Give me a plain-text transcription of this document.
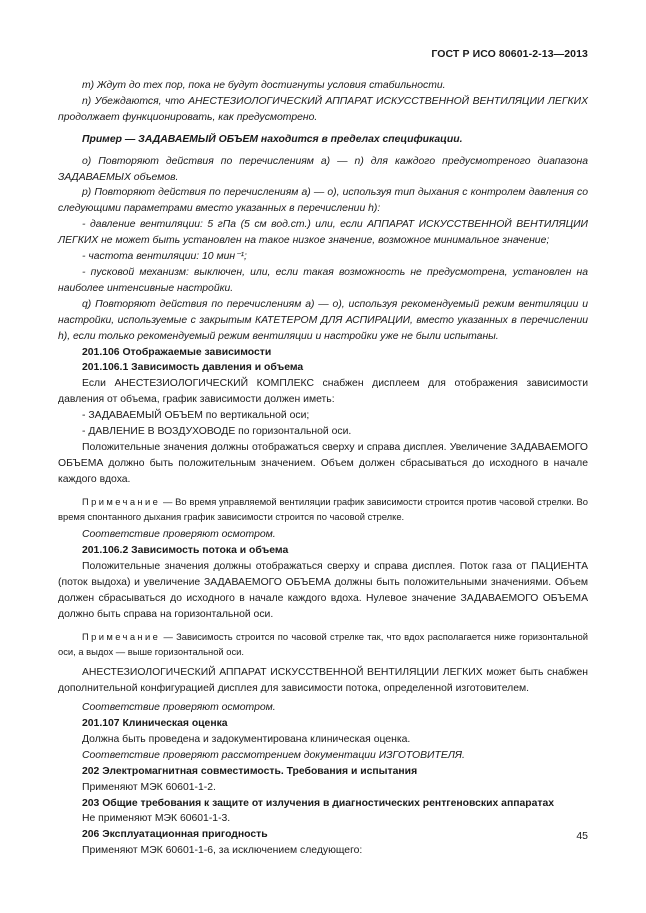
ГОСТ Р ИСО 80601-2-13—2013

m) Ждут до тех пор, пока не будут достигнуты условия стабильности.

n) Убеждаются, что АНЕСТЕЗИОЛОГИЧЕСКИЙ АППАРАТ ИСКУССТВЕННОЙ ВЕНТИЛЯЦИИ ЛЕГКИХ продолжает функционировать, как предусмотрено.

Пример — ЗАДАВАЕМЫЙ ОБЪЕМ находится в пределах спецификации.

о) Повторяют действия по перечислениям а) — n) для каждого предусмотреного диапазона ЗАДАВАЕМЫХ объемов.

р) Повторяют действия по перечислениям а) — о), используя тип дыхания с контролем давления со следующими параметрами вместо указанных в перечислении h):

- давление вентиляции: 5 гПа (5 см вод.ст.) или, если АППАРАТ ИСКУССТВЕННОЙ ВЕНТИЛЯЦИИ ЛЕГКИХ не может быть установлен на такое низкое значение, возможное минимальное значение;

- частота вентиляции: 10 мин⁻¹;

- пусковой механизм: выключен, или, если такая возможность не предусмотрена, установлен на наиболее интенсивные настройки.

q) Повторяют действия по перечислениям а) — о), используя рекомендуемый режим вентиляции и настройки, используемые с закрытым КАТЕТЕРОМ ДЛЯ АСПИРАЦИИ, вместо указанных в перечислении h), если только рекомендуемый режим вентиляции и настройки уже не были испытаны.

201.106 Отображаемые зависимости

201.106.1 Зависимость давления и объема

Если АНЕСТЕЗИОЛОГИЧЕСКИЙ КОМПЛЕКС снабжен дисплеем для отображения зависимости давления от объема, график зависимости должен иметь:

- ЗАДАВАЕМЫЙ ОБЪЕМ по вертикальной оси;

- ДАВЛЕНИЕ В ВОЗДУХОВОДЕ по горизонтальной оси.

Положительные значения должны отображаться сверху и справа дисплея. Увеличение ЗАДАВАЕМОГО ОБЪЕМА должно быть положительным значением. Объем должен сбрасываться до исходного в начале каждого вдоха.

Примечание — Во время управляемой вентиляции график зависимости строится против часовой стрелки. Во время спонтанного дыхания график зависимости строится по часовой стрелке.

Соответствие проверяют осмотром.

201.106.2 Зависимость потока и объема

Положительные значения должны отображаться сверху и справа дисплея. Поток газа от ПАЦИЕНТА (поток выдоха) и увеличение ЗАДАВАЕМОГО ОБЪЕМА должны быть положительными значениями. Объем должен сбрасываться до исходного в начале каждого вдоха. Нулевое значение ЗАДАВАЕМОГО ОБЪЕМА должно быть справа на горизонтальной оси.

Примечание — Зависимость строится по часовой стрелке так, что вдох располагается ниже горизонтальной оси, а выдох — выше горизонтальной оси.

АНЕСТЕЗИОЛОГИЧЕСКИЙ АППАРАТ ИСКУССТВЕННОЙ ВЕНТИЛЯЦИИ ЛЕГКИХ может быть снабжен дополнительной конфигурацией дисплея для зависимости потока, определенной изготовителем.

Соответствие проверяют осмотром.

201.107 Клиническая оценка

Должна быть проведена и задокументирована клиническая оценка.

Соответствие проверяют рассмотрением документации ИЗГОТОВИТЕЛЯ.

202 Электромагнитная совместимость. Требования и испытания

Применяют МЭК 60601-1-2.

203 Общие требования к защите от излучения в диагностических рентгеновских аппаратах

Не применяют МЭК 60601-1-3.

206 Эксплуатационная пригодность

Применяют МЭК 60601-1-6, за исключением следующего:

45
